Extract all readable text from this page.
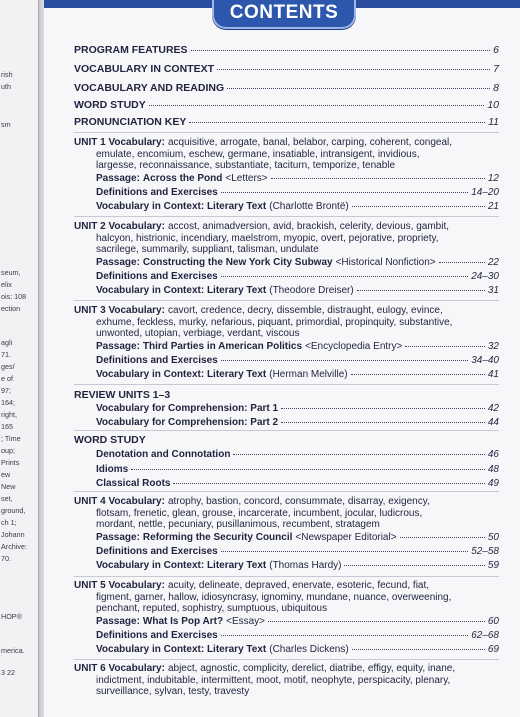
rish
uth
sm
seum,
elix
ois: 108
ection
agli
71.
ges/
e of
97;
164;
right,
165
; Time
oup;
Prints
ew
New
set,
ground,
ch 1;
Johann
Archive:
70.
HOP®
merica.
3 22
CONTENTS
PROGRAM FEATURES	6
VOCABULARY IN CONTEXT	7
VOCABULARY AND READING	8
WORD STUDY	10
PRONUNCIATION KEY	11
UNIT 1 Vocabulary: acquisitive, arrogate, banal, belabor, carping, coherent, congeal,
emulate, encomium, eschew, germane, insatiable, intransigent, invidious,
largesse, reconnaissance, substantiate, taciturn, temporize, tenable
Passage: Across the Pond <Letters>	12
Definitions and Exercises	14–20
Vocabulary in Context: Literary Text (Charlotte Brontë)	21
UNIT 2 Vocabulary: accost, animadversion, avid, brackish, celerity, devious, gambit,
halcyon, histrionic, incendiary, maelstrom, myopic, overt, pejorative, propriety,
sacrilege, summarily, suppliant, talisman, undulate
Passage: Constructing the New York City Subway <Historical Nonfiction>	22
Definitions and Exercises	24–30
Vocabulary in Context: Literary Text (Theodore Dreiser)	31
UNIT 3 Vocabulary: cavort, credence, decry, dissemble, distraught, eulogy, evince,
exhume, feckless, murky, nefarious, piquant, primordial, propinquity, substantive,
unwonted, utopian, verbiage, verdant, viscous
Passage: Third Parties in American Politics <Encyclopedia Entry>	32
Definitions and Exercises	34–40
Vocabulary in Context: Literary Text (Herman Melville)	41
REVIEW UNITS 1–3
Vocabulary for Comprehension: Part 1	42
Vocabulary for Comprehension: Part 2	44
WORD STUDY
Denotation and Connotation	46
Idioms	48
Classical Roots	49
UNIT 4 Vocabulary: atrophy, bastion, concord, consummate, disarray, exigency,
flotsam, frenetic, glean, grouse, incarcerate, incumbent, jocular, ludicrous,
mordant, nettle, pecuniary, pusillanimous, recumbent, stratagem
Passage: Reforming the Security Council <Newspaper Editorial>	50
Definitions and Exercises	52–58
Vocabulary in Context: Literary Text (Thomas Hardy)	59
UNIT 5 Vocabulary: acuity, delineate, depraved, enervate, esoteric, fecund, fiat,
figment, garner, hallow, idiosyncrasy, ignominy, mundane, nuance, overweening,
penchant, reputed, sophistry, sumptuous, ubiquitous
Passage: What Is Pop Art? <Essay>	60
Definitions and Exercises	62–68
Vocabulary in Context: Literary Text (Charles Dickens)	69
UNIT 6 Vocabulary: abject, agnostic, complicity, derelict, diatribe, effigy, equity, inane,
indictment, indubitable, intermittent, moot, motif, neophyte, perspicacity, plenary,
surveillance, sylvan, testy, travesty
